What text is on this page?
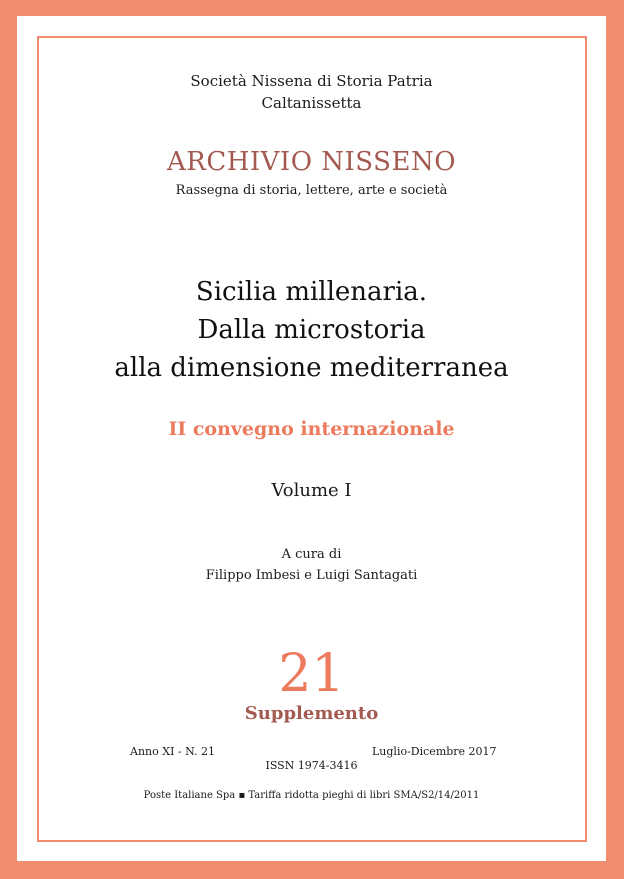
Società Nissena di Storia Patria

Caltanissetta

ARCHIVIO NISSENO

Rassegna di storia, lettere, arte e società

Sicilia millenaria.

Dalla microstoria

alla dimensione mediterranea

II convegno internazionale

Volume I

A cura di

Filippo Imbesi e Luigi Santagati

21

Supplemento

Anno XI - N. 21	Luglio-Dicembre 2017

ISSN 1974-3416

Poste Italiane Spa ▪ Tariffa ridotta pieghi di libri SMA/S2/14/2011
